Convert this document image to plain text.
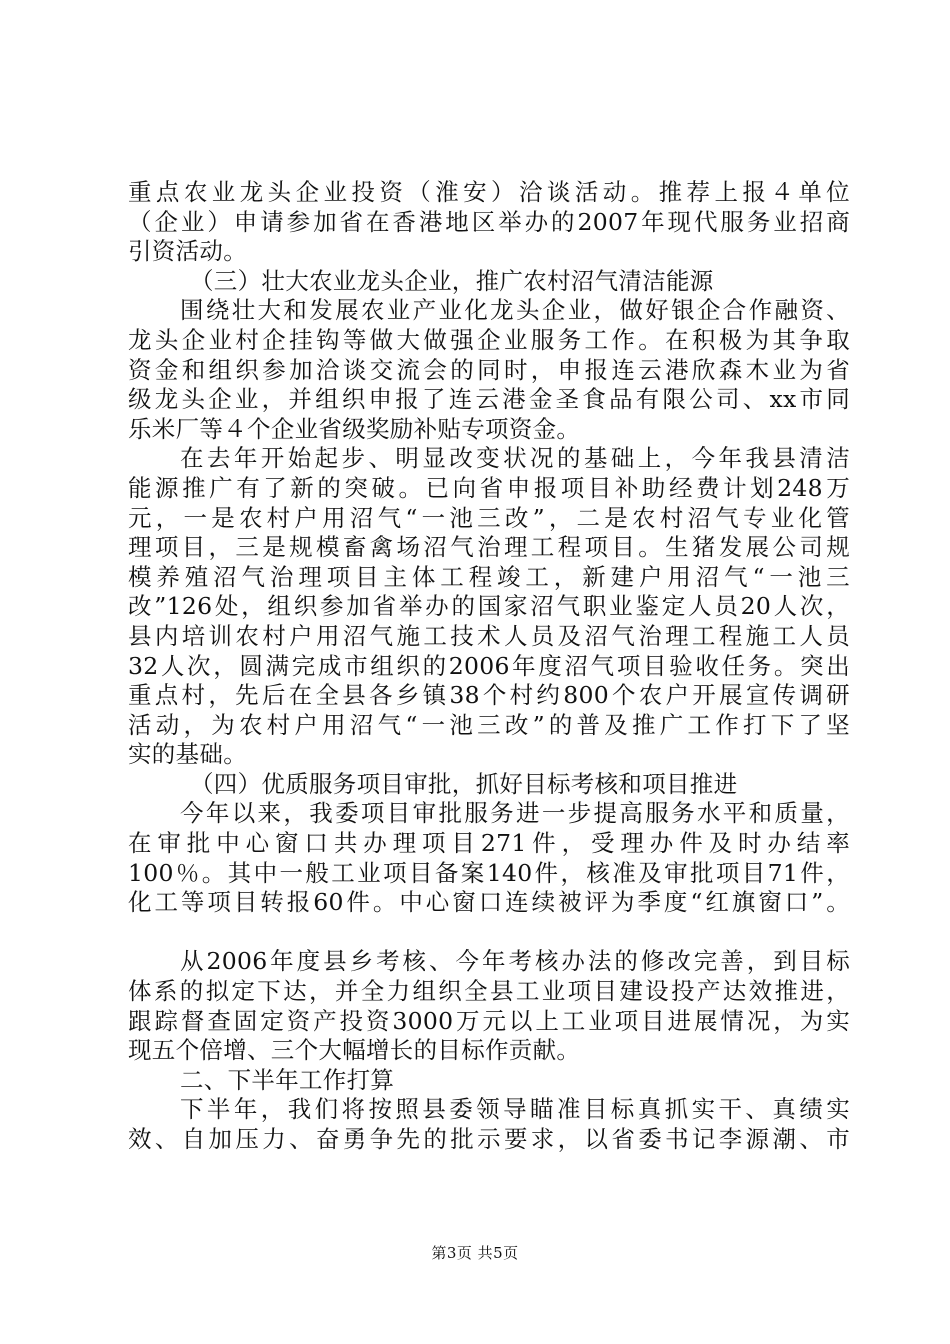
重点农业龙头企业投资（淮安）洽谈活动。推荐上报４单位
（企业）申请参加省在香港地区举办的2007年现代服务业招商
引资活动。
（三）壮大农业龙头企业，推广农村沼气清洁能源
围绕壮大和发展农业产业化龙头企业，做好银企合作融资、
龙头企业村企挂钩等做大做强企业服务工作。在积极为其争取
资金和组织参加洽谈交流会的同时，申报连云港欣森木业为省
级龙头企业，并组织申报了连云港金圣食品有限公司、xx市同
乐米厂等４个企业省级奖励补贴专项资金。
在去年开始起步、明显改变状况的基础上，今年我县清洁
能源推广有了新的突破。已向省申报项目补助经费计划248万
元，一是农村户用沼气“一池三改”，二是农村沼气专业化管
理项目，三是规模畜禽场沼气治理工程项目。生猪发展公司规
模养殖沼气治理项目主体工程竣工，新建户用沼气“一池三
改”126处，组织参加省举办的国家沼气职业鉴定人员20人次，
县内培训农村户用沼气施工技术人员及沼气治理工程施工人员
32人次，圆满完成市组织的2006年度沼气项目验收任务。突出
重点村，先后在全县各乡镇38个村约800个农户开展宣传调研
活动，为农村户用沼气“一池三改”的普及推广工作打下了坚
实的基础。
（四）优质服务项目审批，抓好目标考核和项目推进
今年以来，我委项目审批服务进一步提高服务水平和质量，
在审批中心窗口共办理项目271件，受理办件及时办结率
100％。其中一般工业项目备案140件，核准及审批项目71件，
化工等项目转报60件。中心窗口连续被评为季度“红旗窗口”。
从2006年度县乡考核、今年考核办法的修改完善，到目标
体系的拟定下达，并全力组织全县工业项目建设投产达效推进，
跟踪督查固定资产投资3000万元以上工业项目进展情况，为实
现五个倍增、三个大幅增长的目标作贡献。
二、下半年工作打算
下半年，我们将按照县委领导瞄准目标真抓实干、真绩实
效、自加压力、奋勇争先的批示要求，以省委书记李源潮、市
第3页 共5页
